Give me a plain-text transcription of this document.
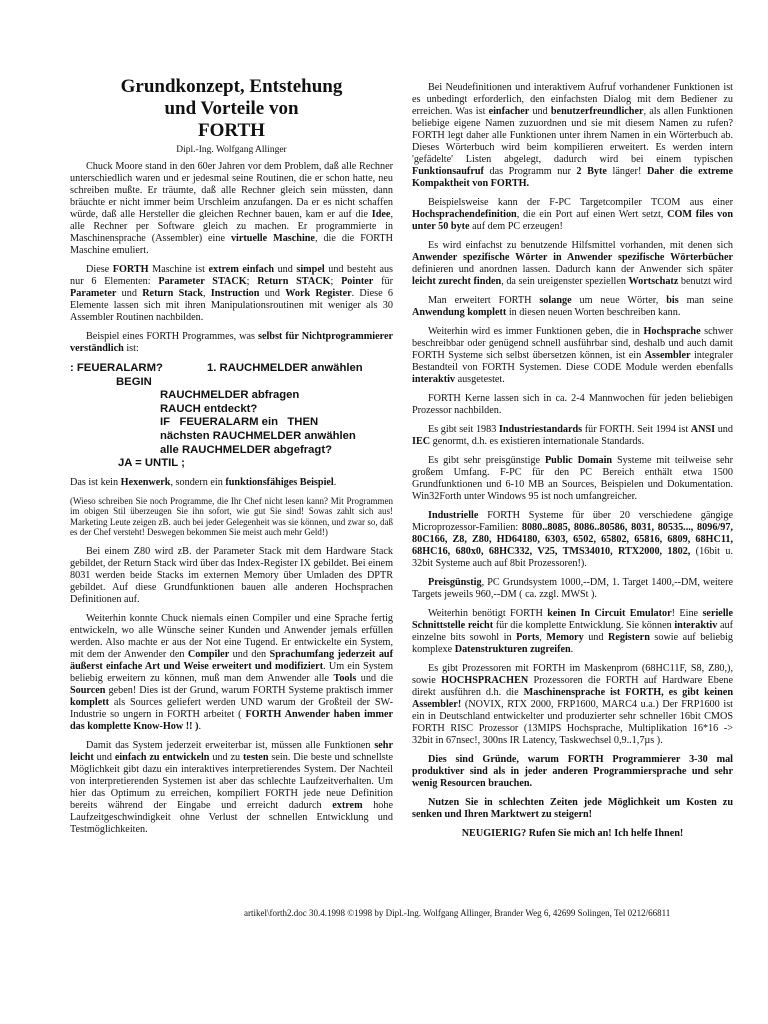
Grundkonzept, Entstehung
und Vorteile von
FORTH
Dipl.-Ing. Wolfgang Allinger

Chuck Moore stand in den 60er Jahren vor dem Problem, daß alle Rechner unterschiedlich waren und er jedesmal seine Routinen, die er schon hatte, neu schreiben mußte. Er träumte, daß alle Rechner gleich sein müssten, dann bräuchte er nicht immer beim Urschleim anzufangen. Da er es nicht schaffen würde, daß alle Hersteller die gleichen Rechner bauen, kam er auf die Idee, alle Rechner per Software gleich zu machen. Er programmierte in Maschinensprache (Assembler) eine virtuelle Maschine, die die FORTH Maschine emuliert.

Diese FORTH Maschine ist extrem einfach und simpel und besteht aus nur 6 Elementen: Parameter STACK; Return STACK; Pointer für Parameter und Return Stack, Instruction und Work Register. Diese 6 Elemente lassen sich mit ihren Manipulationsroutinen mit weniger als 30 Assembler Routinen nachbilden.

Beispiel eines FORTH Programmes, was selbst für Nichtprogrammierer verständlich ist:

: FEUERALARM?	1. RAUCHMELDER anwählen
BEGIN
RAUCHMELDER abfragen
RAUCH entdeckt?
IF   FEUERALARM ein   THEN
nächsten RAUCHMELDER anwählen
alle RAUCHMELDER abgefragt?
JA = UNTIL ;

Das ist kein Hexenwerk, sondern ein funktionsfähiges Beispiel.

(Wieso schreiben Sie noch Programme, die Ihr Chef nicht lesen kann? Mit Programmen im obigen Stil überzeugen Sie ihn sofort, wie gut Sie sind! Sowas zahlt sich aus! Marketing Leute zeigen zB. auch bei jeder Gelegenheit was sie können, und zwar so, daß es der Chef versteht! Deswegen bekommen Sie meist auch mehr Geld!)

Bei einem Z80 wird zB. der Parameter Stack mit dem Hardware Stack gebildet, der Return Stack wird über das Index-Register IX gebildet. Bei einem 8031 werden beide Stacks im externen Memory über Umladen des DPTR gebildet. Auf diese Grundfunktionen bauen alle anderen Hochsprachen Definitionen auf.

Weiterhin konnte Chuck niemals einen Compiler und eine Sprache fertig entwickeln, wo alle Wünsche seiner Kunden und Anwender jemals erfüllen werden. Also machte er aus der Not eine Tugend. Er entwickelte ein System, mit dem der Anwender den Compiler und den Sprachumfang jederzeit auf äußerst einfache Art und Weise erweitert und modifiziert. Um ein System beliebig erweitern zu können, muß man dem Anwender alle Tools und die Sourcen geben! Dies ist der Grund, warum FORTH Systeme praktisch immer komplett als Sources geliefert werden UND warum der Großteil der SW-Industrie so ungern in FORTH arbeitet ( FORTH Anwender haben immer das komplette Know-How !! ).

Damit das System jederzeit erweiterbar ist, müssen alle Funktionen sehr leicht und einfach zu entwickeln und zu testen sein. Die beste und schnellste Möglichkeit gibt dazu ein interaktives interpretierendes System. Der Nachteil von interpretierenden Systemen ist aber das schlechte Laufzeitverhalten. Um hier das Optimum zu erreichen, kompiliert FORTH jede neue Definition bereits während der Eingabe und erreicht dadurch extrem hohe Laufzeitgeschwindigkeit ohne Verlust der schnellen Entwicklung und Testmöglichkeiten.

Bei Neudefinitionen und interaktivem Aufruf vorhandener Funktionen ist es unbedingt erforderlich, den einfachsten Dialog mit dem Bediener zu erreichen. Was ist einfacher und benutzerfreundlicher, als allen Funktionen beliebige eigene Namen zuzuordnen und sie mit diesem Namen zu rufen? FORTH legt daher alle Funktionen unter ihrem Namen in ein Wörterbuch ab. Dieses Wörterbuch wird beim kompilieren erweitert. Es werden intern 'gefädelte' Listen abgelegt, dadurch wird bei einem typischen Funktionsaufruf das Programm nur 2 Byte länger! Daher die extreme Kompaktheit von FORTH.

Beispielsweise kann der F-PC Targetcompiler TCOM aus einer Hochsprachendefinition, die ein Port auf einen Wert setzt, COM files von unter 50 byte auf dem PC erzeugen!

Es wird einfachst zu benutzende Hilfsmittel vorhanden, mit denen sich Anwender spezifische Wörter in Anwender spezifische Wörterbücher definieren und anordnen lassen. Dadurch kann der Anwender sich später leicht zurecht finden, da sein ureigenster speziellen Wortschatz benutzt wird

Man erweitert FORTH solange um neue Wörter, bis man seine Anwendung komplett in diesen neuen Worten beschreiben kann.

Weiterhin wird es immer Funktionen geben, die in Hochsprache schwer beschreibbar oder genügend schnell ausführbar sind, deshalb und auch damit FORTH Systeme sich selbst übersetzen können, ist ein Assembler integraler Bestandteil von FORTH Systemen. Diese CODE Module werden ebenfalls interaktiv ausgetestet.

FORTH Kerne lassen sich in ca. 2-4 Mannwochen für jeden beliebigen Prozessor nachbilden.

Es gibt seit 1983 Industriestandards für FORTH. Seit 1994 ist ANSI und IEC genormt, d.h. es existieren internationale Standards.

Es gibt sehr preisgünstige Public Domain Systeme mit teilweise sehr großem Umfang. F-PC für den PC Bereich enthält etwa 1500 Grundfunktionen und 6-10 MB an Sources, Beispielen und Dokumentation. Win32Forth unter Windows 95 ist noch umfangreicher.

Industrielle FORTH Systeme für über 20 verschiedene gängige Microprozessor-Familien: 8080..8085, 8086..80586, 8031, 80535..., 8096/97, 80C166, Z8, Z80, HD64180, 6303, 6502, 65802, 65816, 6809, 68HC11, 68HC16, 680x0, 68HC332, V25, TMS34010, RTX2000, 1802, (16bit u. 32bit Systeme auch auf 8bit Prozessoren!).

Preisgünstig, PC Grundsystem 1000,--DM, 1. Target 1400,--DM, weitere Targets jeweils 960,--DM ( ca. zzgl. MWSt ).

Weiterhin benötigt FORTH keinen In Circuit Emulator! Eine serielle Schnittstelle reicht für die komplette Entwicklung. Sie können interaktiv auf einzelne bits sowohl in Ports, Memory und Registern sowie auf beliebig komplexe Datenstrukturen zugreifen.

Es gibt Prozessoren mit FORTH im Maskenprom (68HC11F, S8, Z80,), sowie HOCHSPRACHEN Prozessoren die FORTH auf Hardware Ebene direkt ausführen d.h. die Maschinensprache ist FORTH, es gibt keinen Assembler! (NOVIX, RTX 2000, FRP1600, MARC4 u.a.) Der FRP1600 ist ein in Deutschland entwickelter und produzierter sehr schneller 16bit CMOS FORTH RISC Prozessor (13MIPS Hochsprache, Multiplikation 16*16 -> 32bit in 67nsec!, 300ns IR Latency, Taskwechsel 0,9..1,7µs ).

Dies sind Gründe, warum FORTH Programmierer 3-30 mal produktiver sind als in jeder anderen Programmiersprache und sehr wenig Resourcen brauchen.

Nutzen Sie in schlechten Zeiten jede Möglichkeit um Kosten zu senken und Ihren Marktwert zu steigern!

NEUGIERIG? Rufen Sie mich an! Ich helfe Ihnen!

artikel\forth2.doc 30.4.1998 ©1998 by Dipl.-Ing. Wolfgang Allinger, Brander Weg 6, 42699 Solingen, Tel 0212/66811
